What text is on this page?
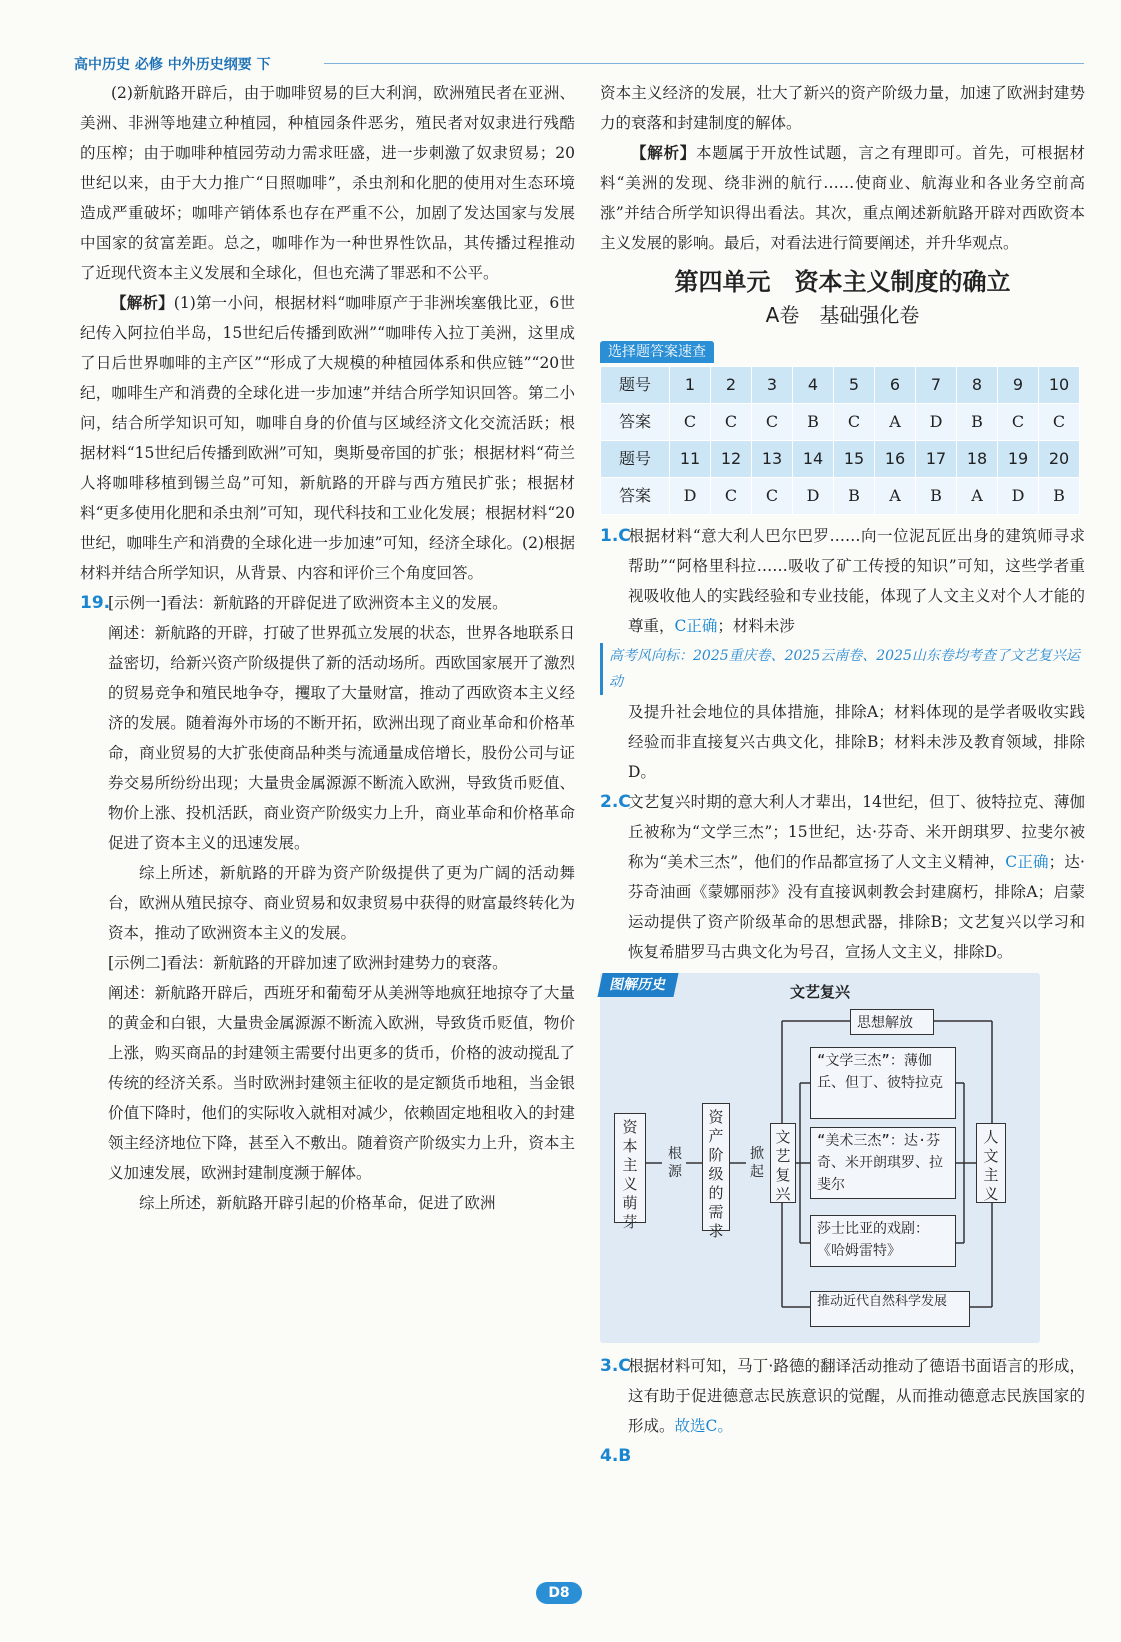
高中历史 必修 中外历史纲要 下

(2)新航路开辟后，由于咖啡贸易的巨大利润，欧洲殖民者在亚洲、美洲、非洲等地建立种植园，种植园条件恶劣，殖民者对奴隶进行残酷的压榨；由于咖啡种植园劳动力需求旺盛，进一步刺激了奴隶贸易；20世纪以来，由于大力推广“日照咖啡”，杀虫剂和化肥的使用对生态环境造成严重破坏；咖啡产销体系也存在严重不公，加剧了发达国家与发展中国家的贫富差距。总之，咖啡作为一种世界性饮品，其传播过程推动了近现代资本主义发展和全球化，但也充满了罪恶和不公平。

【解析】(1)第一小问，根据材料“咖啡原产于非洲埃塞俄比亚，6世纪传入阿拉伯半岛，15世纪后传播到欧洲”“咖啡传入拉丁美洲，这里成了日后世界咖啡的主产区”“形成了大规模的种植园体系和供应链”“20世纪，咖啡生产和消费的全球化进一步加速”并结合所学知识回答。第二小问，结合所学知识可知，咖啡自身的价值与区域经济文化交流活跃；根据材料“15世纪后传播到欧洲”可知，奥斯曼帝国的扩张；根据材料“荷兰人将咖啡移植到锡兰岛”可知，新航路的开辟与西方殖民扩张；根据材料“更多使用化肥和杀虫剂”可知，现代科技和工业化发展；根据材料“20世纪，咖啡生产和消费的全球化进一步加速”可知，经济全球化。(2)根据材料并结合所学知识，从背景、内容和评价三个角度回答。

19.[示例一]看法：新航路的开辟促进了欧洲资本主义的发展。

阐述：新航路的开辟，打破了世界孤立发展的状态，世界各地联系日益密切，给新兴资产阶级提供了新的活动场所。西欧国家展开了激烈的贸易竞争和殖民地争夺，攫取了大量财富，推动了西欧资本主义经济的发展。随着海外市场的不断开拓，欧洲出现了商业革命和价格革命，商业贸易的大扩张使商品种类与流通量成倍增长，股份公司与证券交易所纷纷出现；大量贵金属源源不断流入欧洲，导致货币贬值、物价上涨、投机活跃，商业资产阶级实力上升，商业革命和价格革命促进了资本主义的迅速发展。

综上所述，新航路的开辟为资产阶级提供了更为广阔的活动舞台，欧洲从殖民掠夺、商业贸易和奴隶贸易中获得的财富最终转化为资本，推动了欧洲资本主义的发展。

[示例二]看法：新航路的开辟加速了欧洲封建势力的衰落。

阐述：新航路开辟后，西班牙和葡萄牙从美洲等地疯狂地掠夺了大量的黄金和白银，大量贵金属源源不断流入欧洲，导致货币贬值，物价上涨，购买商品的封建领主需要付出更多的货币，价格的波动搅乱了传统的经济关系。当时欧洲封建领主征收的是定额货币地租，当金银价值下降时，他们的实际收入就相对减少，依赖固定地租收入的封建领主经济地位下降，甚至入不敷出。随着资产阶级实力上升，资本主义加速发展，欧洲封建制度濒于解体。

综上所述，新航路开辟引起的价格革命，促进了欧洲

资本主义经济的发展，壮大了新兴的资产阶级力量，加速了欧洲封建势力的衰落和封建制度的解体。

【解析】本题属于开放性试题，言之有理即可。首先，可根据材料“美洲的发现、绕非洲的航行……使商业、航海业和各业务空前高涨”并结合所学知识得出看法。其次，重点阐述新航路开辟对西欧资本主义发展的影响。最后，对看法进行简要阐述，并升华观点。

第四单元　资本主义制度的确立
A卷　基础强化卷
选择题答案速查
题号	1	2	3	4	5	6	7	8	9	10
答案	C	C	C	B	C	A	D	B	C	C
题号	11	12	13	14	15	16	17	18	19	20
答案	D	C	C	D	B	A	B	A	D	B

1.C根据材料“意大利人巴尔巴罗……向一位泥瓦匠出身的建筑师寻求帮助”“阿格里科拉……吸收了矿工传授的知识”可知，这些学者重视吸收他人的实践经验和专业技能，体现了人文主义对个人才能的尊重，C正确；材料未涉

高考风向标：2025重庆卷、2025云南卷、2025山东卷均考查了文艺复兴运动

及提升社会地位的具体措施，排除A；材料体现的是学者吸收实践经验而非直接复兴古典文化，排除B；材料未涉及教育领域，排除D。

2.C文艺复兴时期的意大利人才辈出，14世纪，但丁、彼特拉克、薄伽丘被称为“文学三杰”；15世纪，达·芬奇、米开朗琪罗、拉斐尔被称为“美术三杰”，他们的作品都宣扬了人文主义精神，C正确；达·芬奇油画《蒙娜丽莎》没有直接讽刺教会封建腐朽，排除A；启蒙运动提供了资产阶级革命的思想武器，排除B；文艺复兴以学习和恢复希腊罗马古典文化为号召，宣扬人文主义，排除D。

图解历史	文艺复兴
资本主义萌芽
根源
资产阶级的需求
掀起
文艺复兴
思想解放
“文学三杰”：薄伽丘、但丁、彼特拉克
“美术三杰”：达·芬奇、米开朗琪罗、拉斐尔
莎士比亚的戏剧：《哈姆雷特》
推动近代自然科学发展
人文主义

3.C根据材料可知，马丁·路德的翻译活动推动了德语书面语言的形成，这有助于促进德意志民族意识的觉醒，从而推动德意志民族国家的形成。故选C。

4.B

D8
